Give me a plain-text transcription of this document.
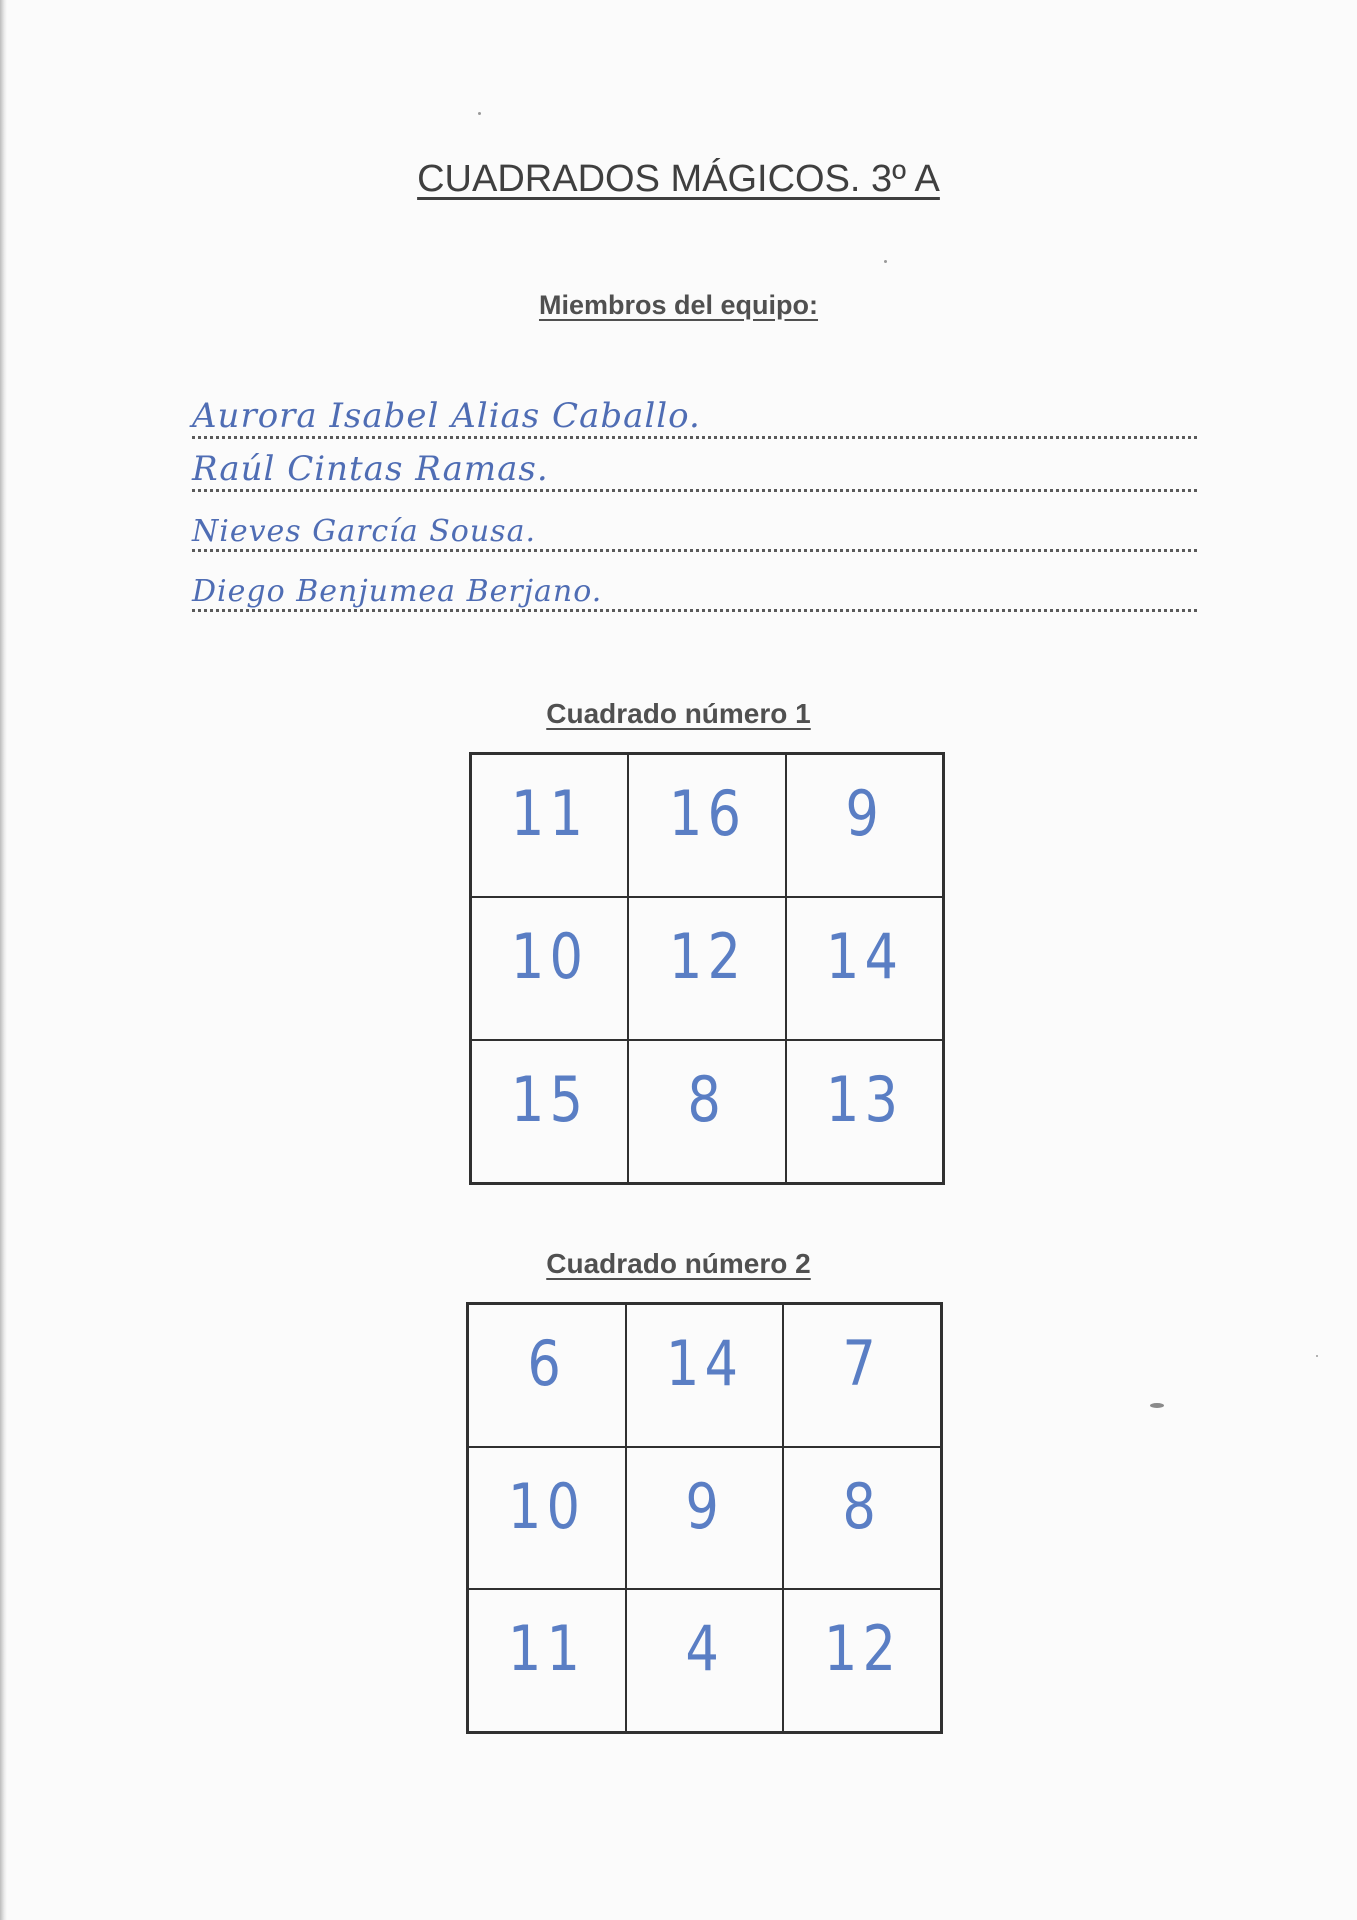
CUADRADOS MÁGICOS. 3º A
Miembros del equipo:
Aurora Isabel Alias Caballo.
Raúl Cintas Ramas.
Nieves García Sousa.
Diego Benjumea Berjano.
Cuadrado número 1
11 16 9
10 12 14
15 8 13
Cuadrado número 2
6 14 7
10 9 8
11 4 12
